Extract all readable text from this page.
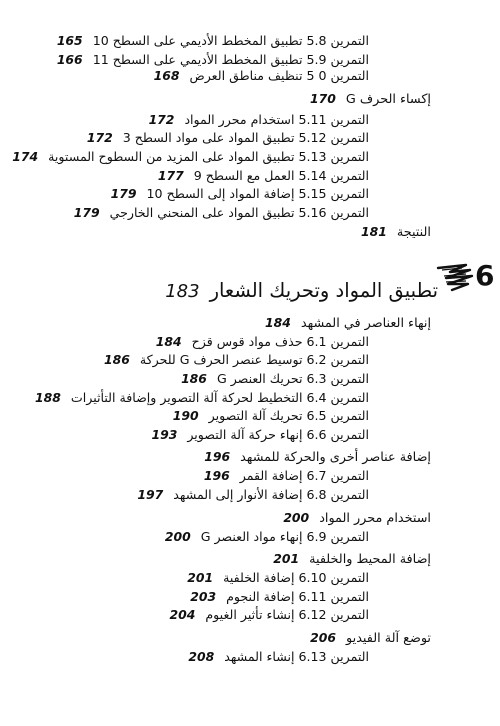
التمرين 5.8 تطبيق المخطط الأديمي على السطح 10165
التمرين 5.9 تطبيق المخطط الأديمي على السطح 11166
التمرين 0 5 تنظيف مناطق العرض168
إكساء الحرف G170
التمرين 5.11 استخدام محرر المواد172
التمرين 5.12 تطبيق المواد على مواد السطح 3172
التمرين 5.13 تطبيق المواد على المزيد من السطوح المستوية174
التمرين 5.14 العمل مع السطح 9177
التمرين 5.15 إضافة المواد إلى السطح 10179
التمرين 5.16 تطبيق المواد على المنحني الخارجي179
النتيجة181
6
تطبيق المواد وتحريك الشعار183
إنهاء العناصر في المشهد184
التمرين 6.1 حذف مواد قوس قزح184
التمرين 6.2 توسيط عنصر الحرف G للحركة186
التمرين 6.3 تحريك العنصر G186
التمرين 6.4 التخطيط لحركة آلة التصوير وإضافة التأثيرات188
التمرين 6.5 تحريك آلة التصوير190
التمرين 6.6 إنهاء حركة آلة التصوير193
إضافة عناصر أخرى والحركة للمشهد196
التمرين 6.7 إضافة القمر196
التمرين 6.8 إضافة الأنوار إلى المشهد197
استخدام محرر المواد200
التمرين 6.9 إنهاء مواد العنصر G200
إضافة المحيط والخلفية201
التمرين 6.10 إضافة الخلفية201
التمرين 6.11 إضافة النجوم203
التمرين 6.12 إنشاء تأثير الغيوم204
توضع آلة الفيديو206
التمرين 6.13 إنشاء المشهد208
